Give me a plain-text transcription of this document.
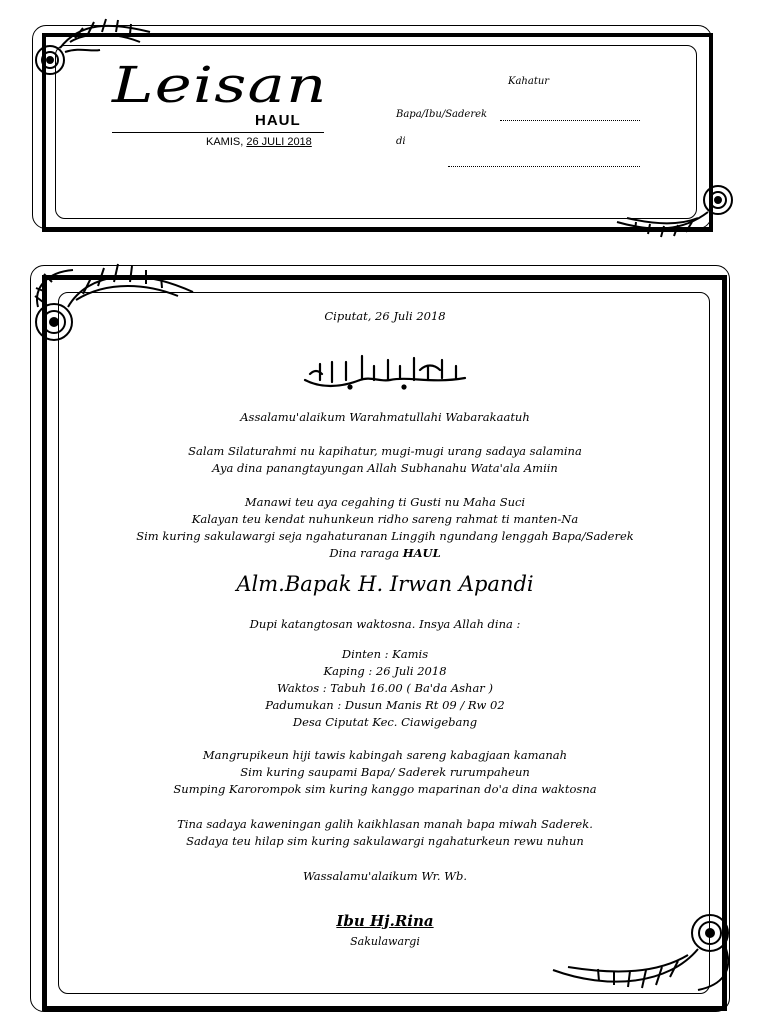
Leisan
HAUL
KAMIS, 26 JULI 2018
Kahatur
Bapa/Ibu/Saderek
di
Ciputat, 26 Juli 2018
Assalamu'alaikum Warahmatullahi Wabarakaatuh

Salam Silaturahmi nu kapihatur, mugi-mugi urang sadaya salamina

Aya dina panangtayungan Allah Subhanahu Wata'ala Amiin

Manawi teu aya cegahing ti Gusti nu Maha Suci

Kalayan teu kendat nuhunkeun ridho sareng rahmat ti manten-Na

Sim kuring sakulawargi seja ngahaturanan Linggih ngundang lenggah Bapa/Saderek

Dina raraga HAUL

Alm.Bapak H. Irwan Apandi
Dupi katangtosan waktosna. Insya Allah dina :

Dinten : Kamis

Kaping : 26 Juli 2018

Waktos : Tabuh 16.00 ( Ba'da Ashar )

Padumukan : Dusun Manis Rt 09 / Rw 02

Desa Ciputat Kec. Ciawigebang

Mangrupikeun hiji tawis kabingah sareng kabagjaan kamanah

Sim kuring saupami Bapa/ Saderek rurumpaheun

Sumping Karorompok sim kuring kanggo maparinan do'a dina waktosna

Tina sadaya kaweningan galih kaikhlasan manah bapa miwah Saderek.

Sadaya teu hilap sim kuring sakulawargi ngahaturkeun rewu nuhun

Wassalamu'alaikum Wr. Wb.
Ibu Hj.Rina
Sakulawargi
